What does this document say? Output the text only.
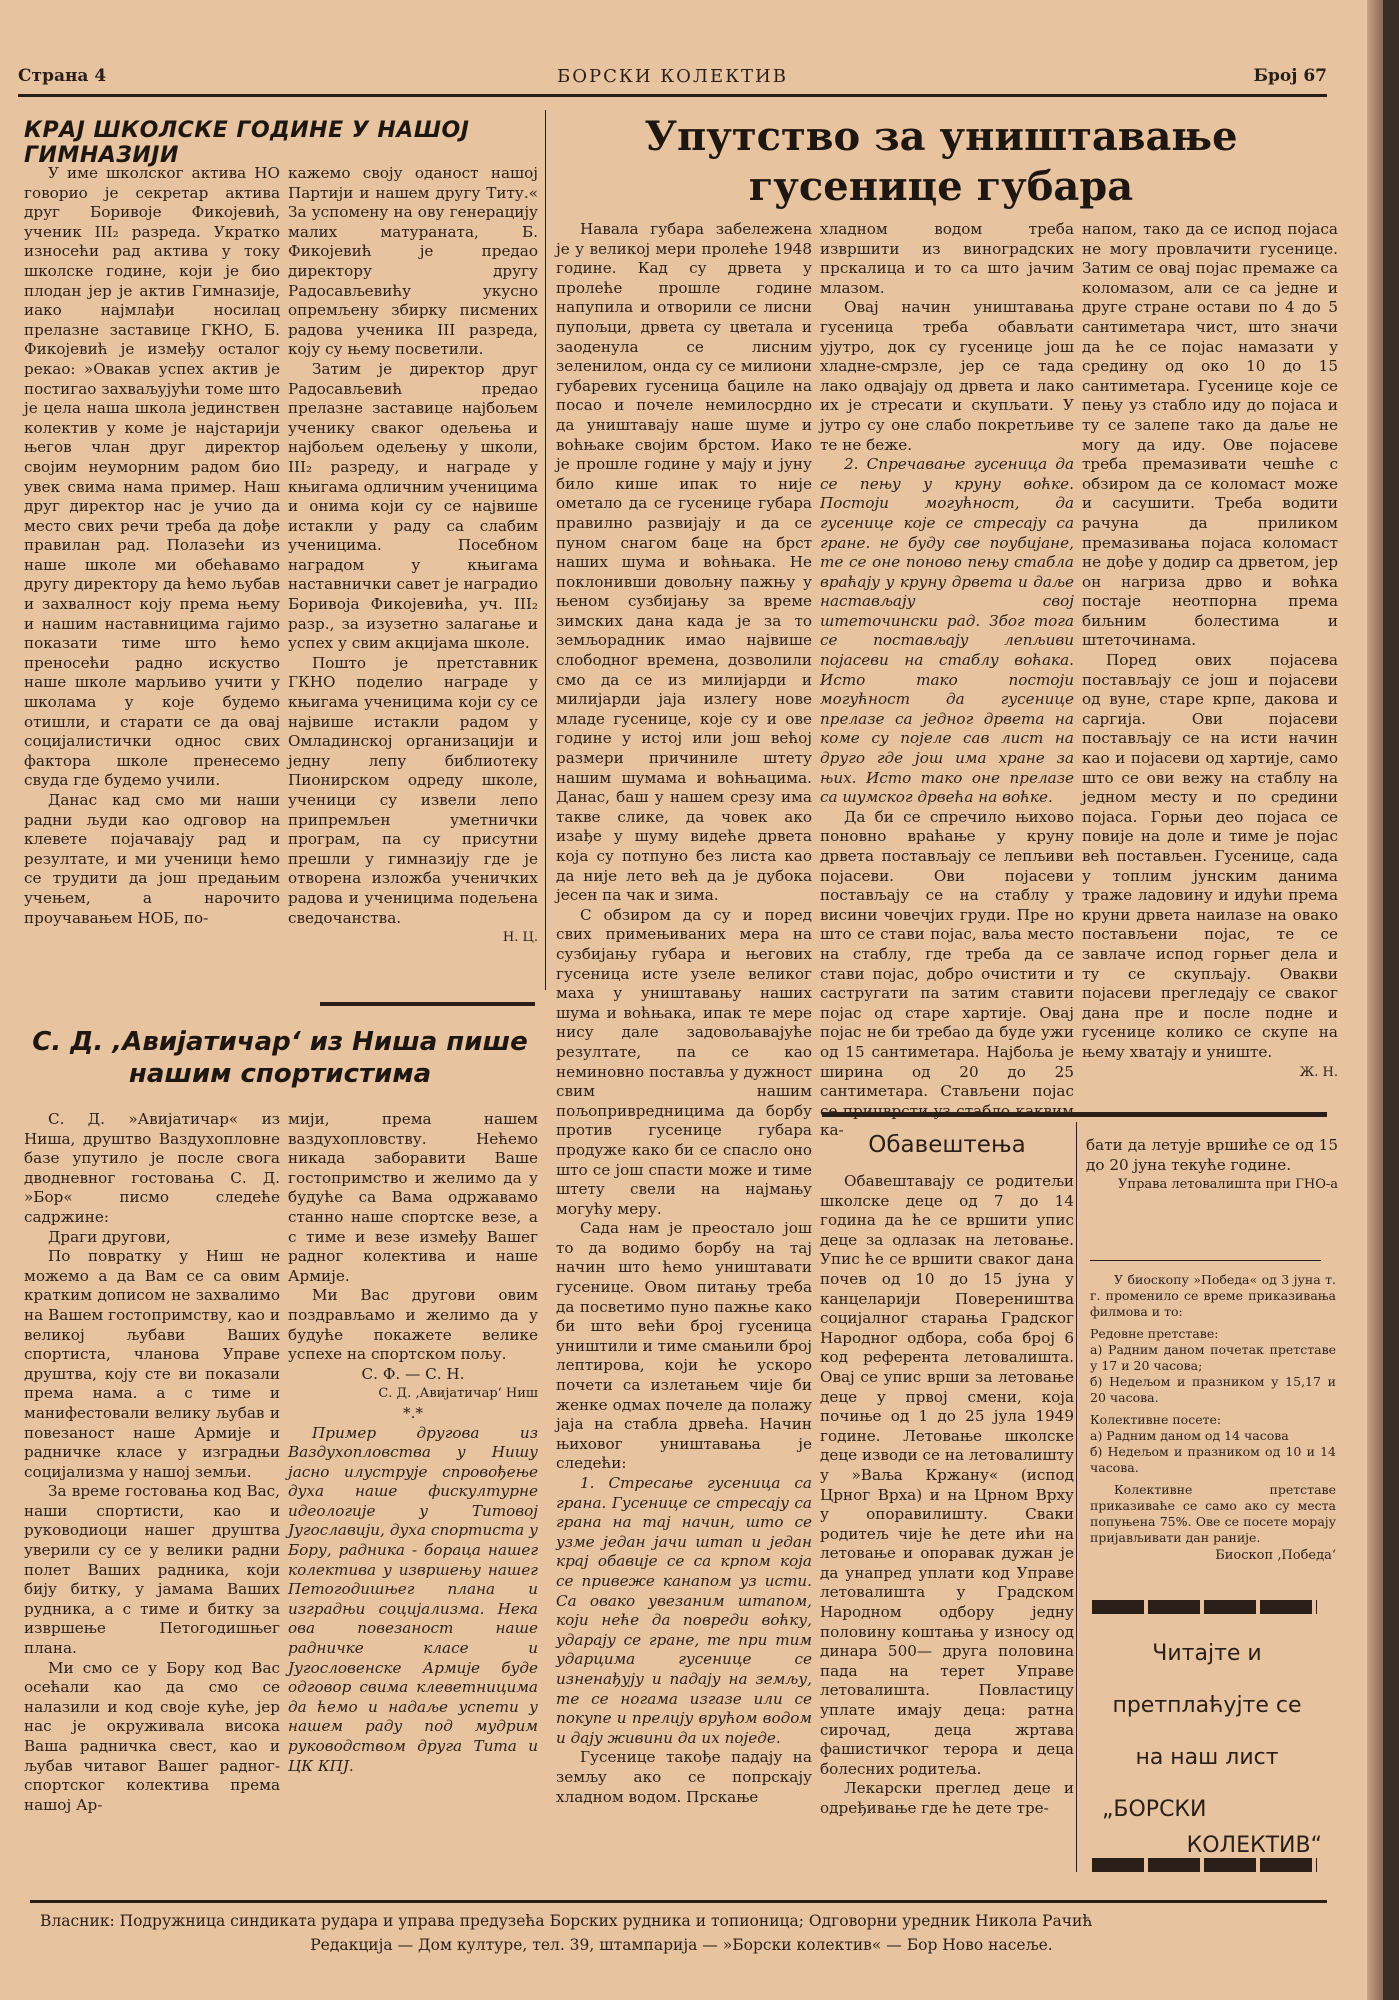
Страна 4	БОРСКИ КОЛЕКТИВ	Број 67
КРАЈ ШКОЛСКЕ ГОДИНЕ У НАШОЈ ГИМНАЗИЈИ

У име школског актива НО говорио је секретар актива друг Боривоје Фикојевић, ученик III₂ разреда. Укратко износећи рад актива у току школске године, који је био плодан јер је актив Гимназије, иако најмлађи носилац прелазне заставице ГКНО, Б. Фикојевић је између осталог рекао: »Овакав успех актив је постигао захваљујући томе што је цела наша школа јединствен колектив у коме је најстарији његов члан друг директор својим неуморним радом био увек свима нама пример. Наш друг директор нас је учио да место свих речи треба да дође правилан рад. Полазећи из наше школе ми обећавамо другу директору да ћемо љубав и захвалност коју према њему и нашим наставницима гајимо показати тиме што ћемо преносећи радно искуство наше школе марљиво учити у школама у које будемо отишли, и старати се да овај социјалистички однос свих фактора школе пренесемо свуда где будемо учили.

Данас кад смо ми наши радни људи као одговор на клевете појачавају рад и резултате, и ми ученици ћемо се трудити да још предањим учењем, а нарочито проучавањем НОБ, по-

кажемо своју оданост нашој Партији и нашем другу Титу.« За успомену на ову генерацију малих матураната, Б. Фикојевић је предао директору другу Радосављевићу укусно опремљену збирку писмених радова ученика III разреда, коју су њему посветили.

Затим је директор друг Радосављевић предао прелазне заставице најбољем ученику сваког одељења и најбољем одељењу у школи, III₂ разреду, и награде у књигама одличним ученицима и онима који су се највише истакли у раду са слабим ученицима. Посебном наградом у књигама наставнички савет је наградио Боривоја Фикојевића, уч. III₂ разр., за изузетно залагање и успех у свим акцијама школе.

Пошто је претставник ГКНО поделио награде у књигама ученицима који су се највише истакли радом у Омладинској организацији и једну лепу библиотеку Пионирском одреду школе, ученици су извели лепо припремљен уметнички програм, па су присутни прешли у гимназију где је отворена изложба ученичких радова и ученицима подељена сведочанства.

Н. Ц.

С. Д. ‚Авијатичар‘ из Ниша пише нашим спортистима

С. Д. »Авијатичар« из Ниша, друштво Ваздухопловне базе упутило је после свога дводневног гостовања С. Д. »Бор« писмо следеће садржине:

Драги другови,

По повратку у Ниш не можемо а да Вам се са овим кратким дописом не захвалимо на Вашем гостопримству, као и великој љубави Ваших спортиста, чланова Управе друштва, коју сте ви показали према нама. а с тиме и манифестовали велику љубав и повезаност наше Армије и радничке класе у изградњи социјализма у нашој земљи.

За време гостовања код Вас, наши спортисти, као и руководиоци нашег друштва уверили су се у велики радни полет Ваших радника, који бију битку, у јамама Ваших рудника, а с тиме и битку за извршење Петогодишњег плана.

Ми смо се у Бору код Вас осећали као да смо се налазили и код своје куће, јер нас је окруживала висока Ваша радничка свест, као и љубав читавог Вашег радног-спортског колектива према нашој Ар-

мији, према нашем ваздухопловству. Нећемо никада заборавити Ваше гостопримство и желимо да у будуће са Вама одржавамо станно наше спортске везе, а с тиме и везе између Вашег радног колектива и наше Армије.

Ми Вас другови овим поздрављамо и желимо да у будуће покажете велике успехе на спортском пољу.

С. Ф. — С. Н.

С. Д. ‚Авијатичар‘ Ниш

*.*

Пример другова из Ваздухопловства у Нишу јасно илуструје спровођење духа наше фискултурне идеологије у Титовој Југославији, духа спортиста у Бору, радника - бораца нашег колектива у извршењу нашег Петогодишњег плана и изградњи социјализма. Нека ова повезаност наше радничке класе и Југословенске Армије буде одговор свима клеветницима да ћемо и надаље успети у нашем раду под мудрим руководством друга Тита и ЦК КПЈ.

Упутство за уништавање гусенице губара

Навала губара забележена је у великој мери пролеће 1948 године. Кад су дрвета у пролеће прошле године напупила и отворили се лисни пупољци, дрвета су цветала и заоденула се лисним зеленилом, онда су се милиони губаревих гусеница бациле на посао и почеле немилосрдно да уништавају наше шуме и воћњаке својим брстом. Иако је прошле године у мају и јуну било кише ипак то није ометало да се гусенице губара правилно развијају и да се пуном снагом баце на брст наших шума и воћњака. Не поклонивши довољну пажњу у њеном сузбијању за време зимских дана када је за то земљорадник имао највише слободног времена, дозволили смо да се из милијарди и милијарди јаја излегу нове младе гусенице, које су и ове године у истој или још већој размери причиниле штету нашим шумама и воћњацима. Данас, баш у нашем срезу има такве слике, да човек ако изађе у шуму видеће дрвета која су потпуно без листа као да није лето већ да је дубока јесен па чак и зима.

С обзиром да су и поред свих примењиваних мера на сузбијању губара и његових гусеница исте узеле великог маха у уништавању наших шума и воћњака, ипак те мере нису дале задовољавајуће резултате, па се као неминовно поставља у дужност свим нашим пољопривредницима да борбу против гусенице губара продуже како би се спасло оно што се још спасти може и тиме штету свели на најмању могућу меру.

Сада нам је преостало још то да водимо борбу на тај начин што ћемо уништавати гусенице. Овом питању треба да посветимо пуно пажње како би што већи број гусеница уништили и тиме смањили број лептирова, који ће ускоро почети са излетањем чије би женке одмах почеле да полажу јаја на стабла дрвећа. Начин њиховог уништавања је следећи:

1. Стресање гусеница са грана. Гусенице се стресају са грана на тај начин, што се узме један јачи штап и један крај обавије се са крпом која се привеже канапом уз исти. Са овако увезаним штапом, који неће да повреди воћку, ударају се гране, те при тим ударцима гусенице се изненађују и падају на земљу, те се ногама изгазе или се покупе и прелију врућом водом и дају живини да их поједе.

Гусенице такође падају на земљу ако се попрскају хладном водом. Прскање

хладном водом треба извршити из виноградских прскалица и то са што јачим млазом.

Овај начин уништавања гусеница треба обављати ујутро, док су гусенице још хладне-смрзле, јер се тада лако одвајају од дрвета и лако их је стресати и скупљати. У јутро су оне слабо покретљиве те не беже.

2. Спречавање гусеница да се пењу у круну воћке. Постоји могућност, да гусенице које се стресају са гране. не буду све поубијане, те се оне поново пењу стабла враћају у круну дрвета и даље настављају свој штеточински рад. Због тога се постављају лепљиви појасеви на стаблу воћака. Исто тако постоји могућност да гусенице прелазе са једног дрвета на коме су појеле сав лист на друго где још има хране за њих. Исто тако оне прелазе са шумског дрвећа на воћке.

Да би се спречило њихово поновно враћање у круну дрвета постављају се лепљиви појасеви. Ови појасеви постављају се на стаблу у висини човечјих груди. Пре но што се стави појас, ваља место на стаблу, где треба да се стави појас, добро очистити и састругати па затим ставити појас од старе хартије. Овај појас не би требао да буде ужи од 15 сантиметара. Најбоља је ширина од 20 до 25 сантиметара. Стављени појас се причврсти уз стабло каквим ка-

напом, тако да се испод појаса не могу провлачити гусенице. Затим се овај појас премаже са коломазом, али се са једне и друге стране остави по 4 до 5 сантиметара чист, што значи да ће се појас намазати у средину од око 10 до 15 сантиметара. Гусенице које се пењу уз стабло иду до појаса и ту се залепе тако да даље не могу да иду. Ове појасеве треба премазивати чешће с обзиром да се коломаст може и сасушити. Треба водити рачуна да приликом премазивања појаса коломаст не дође у додир са дрветом, јер он нагриза дрво и воћка постаје неотпорна према биљним болестима и штеточинама.

Поред ових појасева постављају се још и појасеви од вуне, старе крпе, дакова и саргија. Ови појасеви постављају се на исти начин као и појасеви од хартије, само што се ови вежу на стаблу на једном месту и по средини појаса. Горњи део појаса се повије на доле и тиме је појас већ постављен. Гусенице, сада у топлим јунским данима траже ладовину и идући према круни дрвета наилазе на овако постављени појас, те се завлаче испод горњег дела и ту се скупљају. Овакви појасеви прегледају се сваког дана пре и после подне и гусенице колико се скупе на њему хватају и униште.

Ж. Н.

Обавештења

Обавештавају се родитељи школске деце од 7 до 14 година да ће се вршити упис деце за одлазак на летовање. Упис ће се вршити сваког дана почев од 10 до 15 јуна у канцеларији Повереништва социјалног старања Градског Народног одбора, соба број 6 код референта летовалишта. Овај се упис врши за летовање деце у првој смени, која почиње од 1 до 25 јула 1949 године. Летовање школске деце изводи се на летовалишту у »Ваља Кржану« (испод Црног Врха) и на Црном Врху у опоравилишту. Сваки родитељ чије ће дете ићи на летовање и опоравак дужан је да унапред уплати код Управе летовалишта у Градском Народном одбору једну половину коштања у износу од динара 500— друга половина пада на терет Управе летовалишта. Повластицу уплате имају деца: ратна сирочад, деца жртава фашистичког терора и деца болесних родитеља.

Лекарски преглед деце и одређивање где ће дете тре-

бати да летује вршиће се од 15 до 20 јуна текуће године.

Управа летовалишта при ГНО-а

У биоскопу »Победа« од 3 јуна т. г. променило се време приказивања филмова и то:

Редовне претставе:

а) Радним даном почетак претставе у 17 и 20 часова;

б) Недељом и празником у 15,17 и 20 часова.

Колективне посете:

а) Радним даном од 14 часова

б) Недељом и празником од 10 и 14 часова.

Колективне претставе приказиваће се само ако су места попуњена 75%. Ове се посете морају пријављивати дан раније.

Биоскоп ‚Победа‘

Читајте и
претплаћујте се
на наш лист
„БОРСКИ
КОЛЕКТИВ“
Власник: Подружница синдиката рудара и управа предузећа Борских рудника и топионица; Одговорни уредник Никола Рачић
Редакција — Дом културе, тел. 39, штампарија — »Борски колектив« — Бор Ново насеље.
